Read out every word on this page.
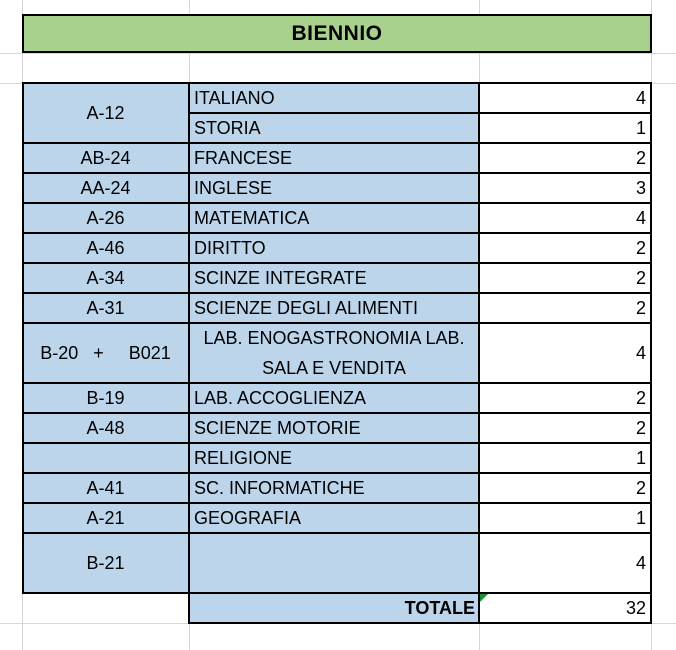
BIENNIO
A-12
AB-24
AA-24
A-26
A-46
A-34
A-31
B-20   +     B021
B-19
A-48
A-41
A-21
B-21
ITALIANO
STORIA
FRANCESE
INGLESE
MATEMATICA
DIRITTO
SCINZE INTEGRATE
SCIENZE DEGLI ALIMENTI
LAB. ENOGASTRONOMIA LAB. SALA E VENDITA
LAB. ACCOGLIENZA
SCIENZE MOTORIE
RELIGIONE
SC. INFORMATICHE
GEOGRAFIA
4
1
2
3
4
2
2
2
4
2
2
1
2
1
4
TOTALE	32
